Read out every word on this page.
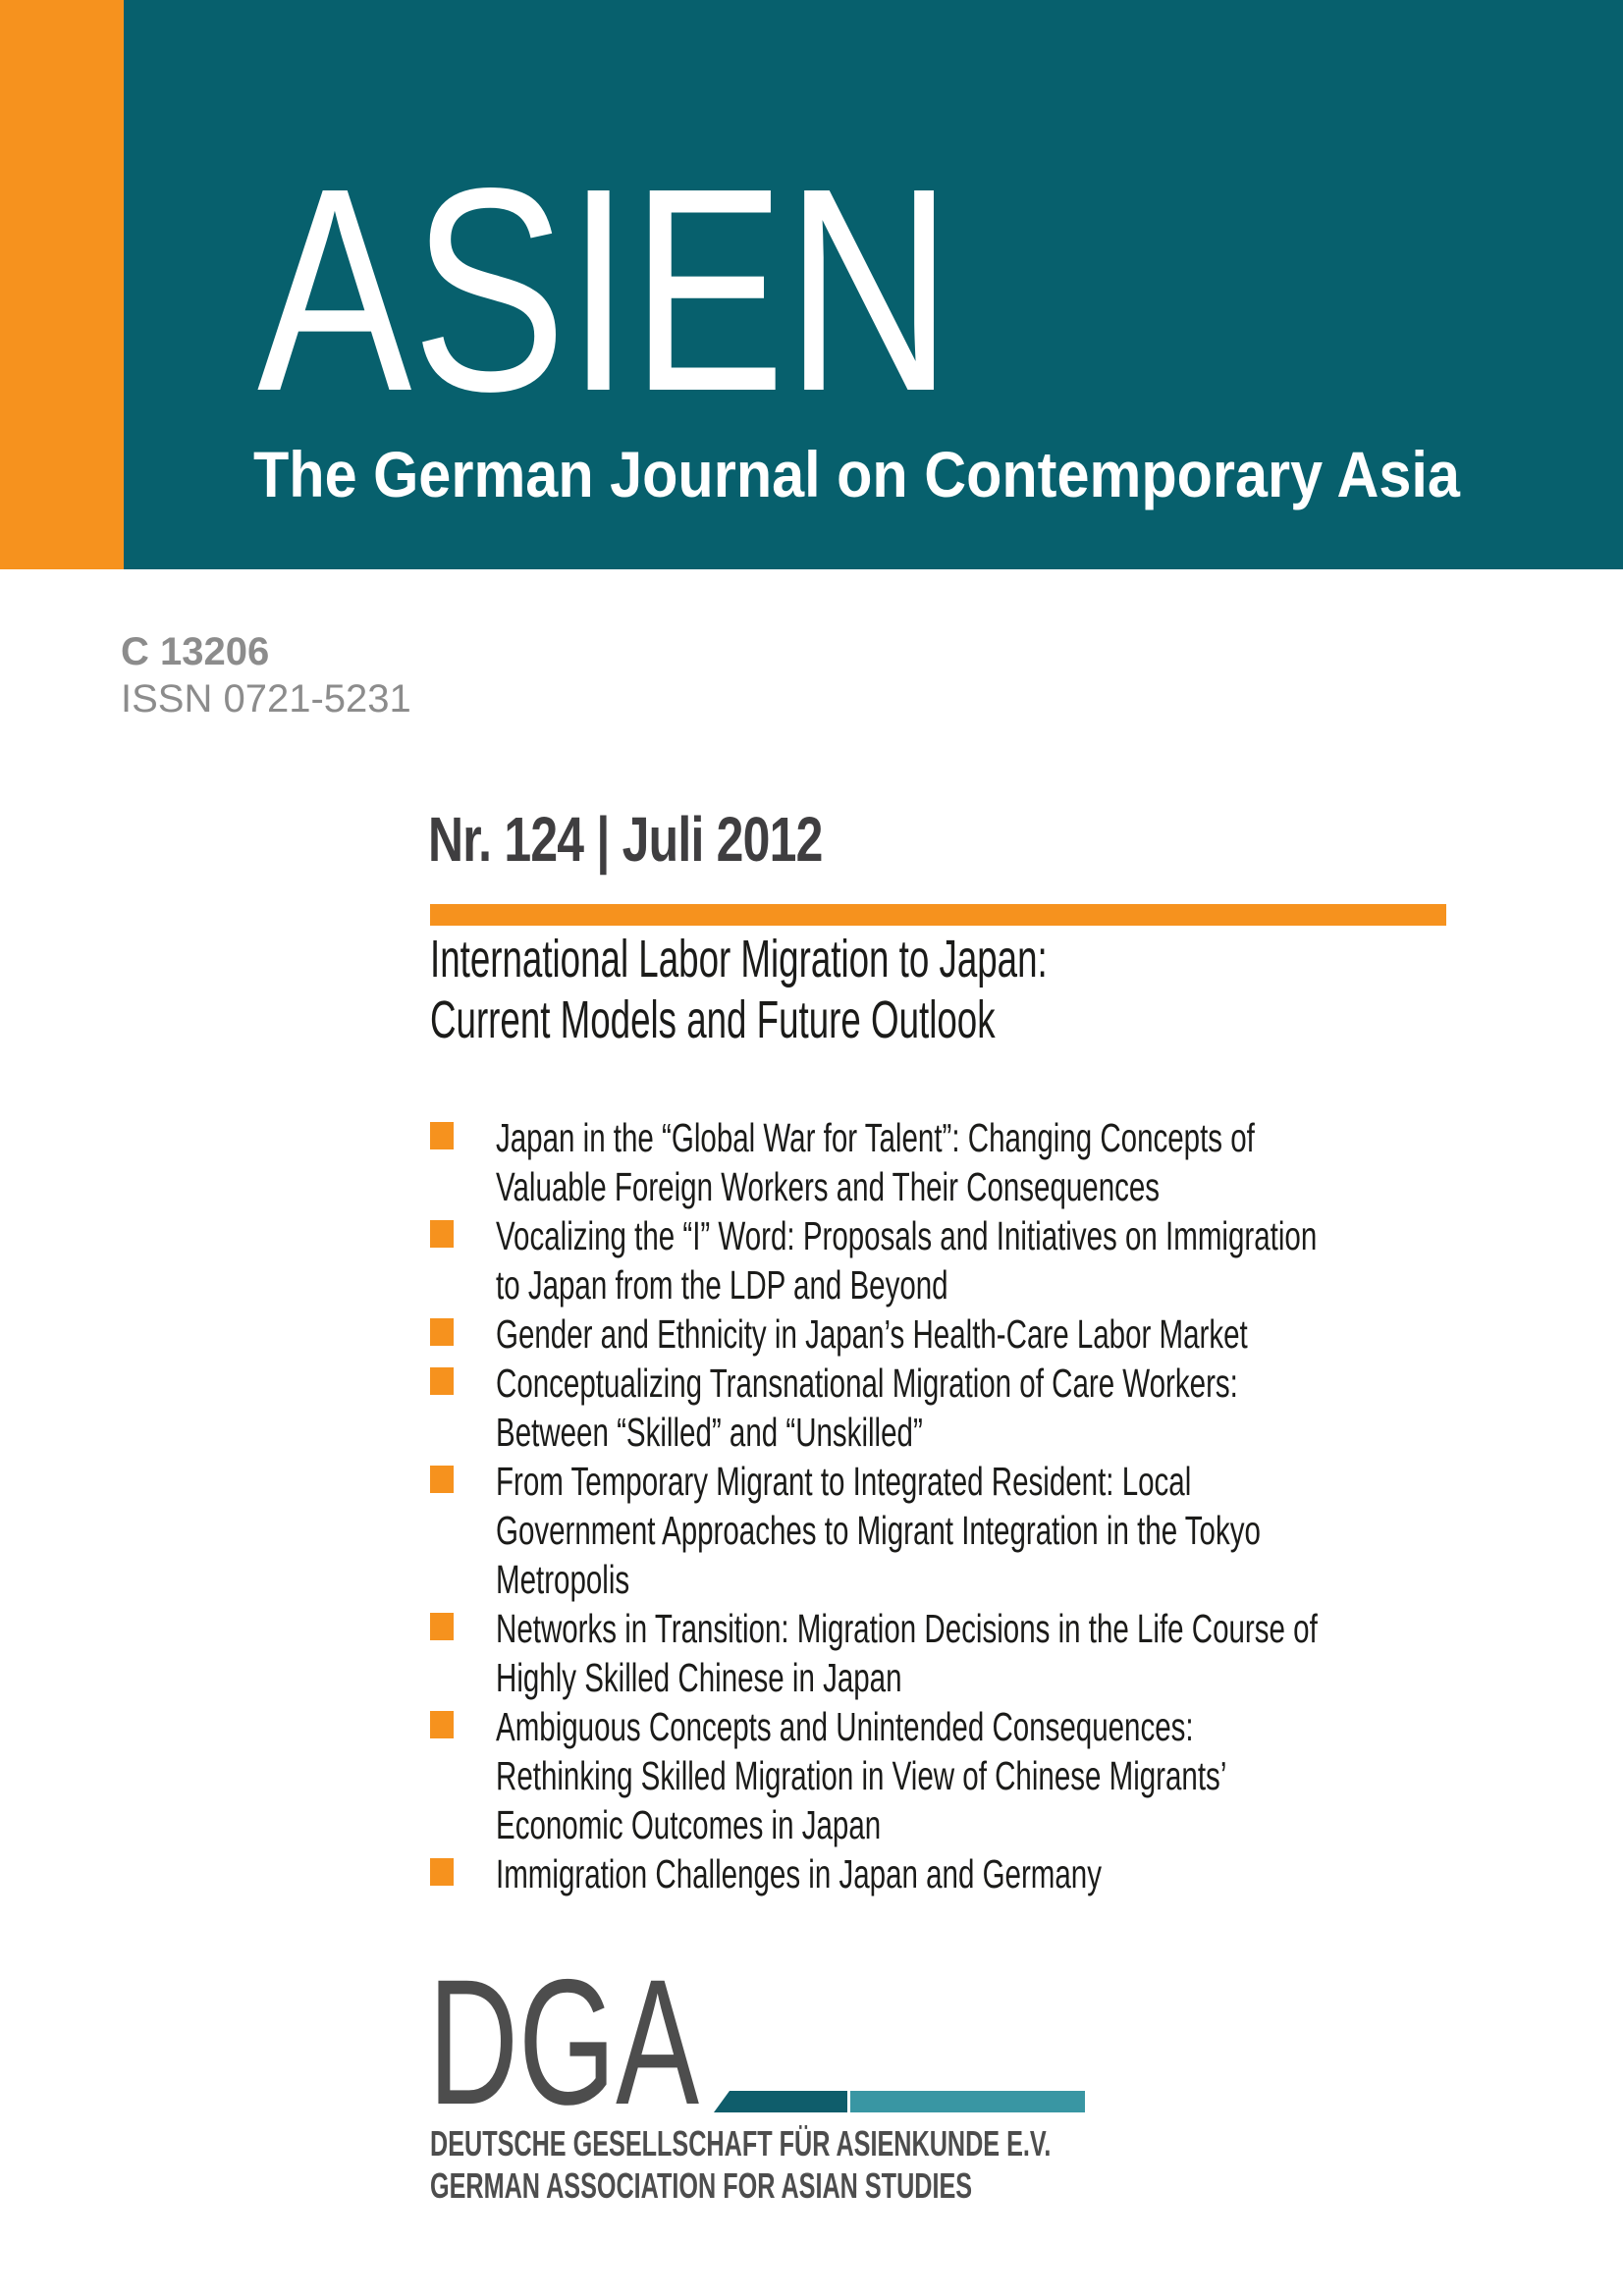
ASIEN
The German Journal on Contemporary Asia
C 13206
ISSN 0721-5231
Nr. 124 | Juli 2012
International Labor Migration to Japan:
Current Models and Future Outlook
Japan in the “Global War for Talent”: Changing Concepts of
Valuable Foreign Workers and Their Consequences
Vocalizing the “I” Word: Proposals and Initiatives on Immigration
to Japan from the LDP and Beyond
Gender and Ethnicity in Japan’s Health-Care Labor Market
Conceptualizing Transnational Migration of Care Workers:
Between “Skilled” and “Unskilled”
From Temporary Migrant to Integrated Resident: Local
Government Approaches to Migrant Integration in the Tokyo
Metropolis
Networks in Transition: Migration Decisions in the Life Course of
Highly Skilled Chinese in Japan
Ambiguous Concepts and Unintended Consequences:
Rethinking Skilled Migration in View of Chinese Migrants’
Economic Outcomes in Japan
Immigration Challenges in Japan and Germany
DGA
DEUTSCHE GESELLSCHAFT FÜR ASIENKUNDE E.V.
GERMAN ASSOCIATION FOR ASIAN STUDIES
